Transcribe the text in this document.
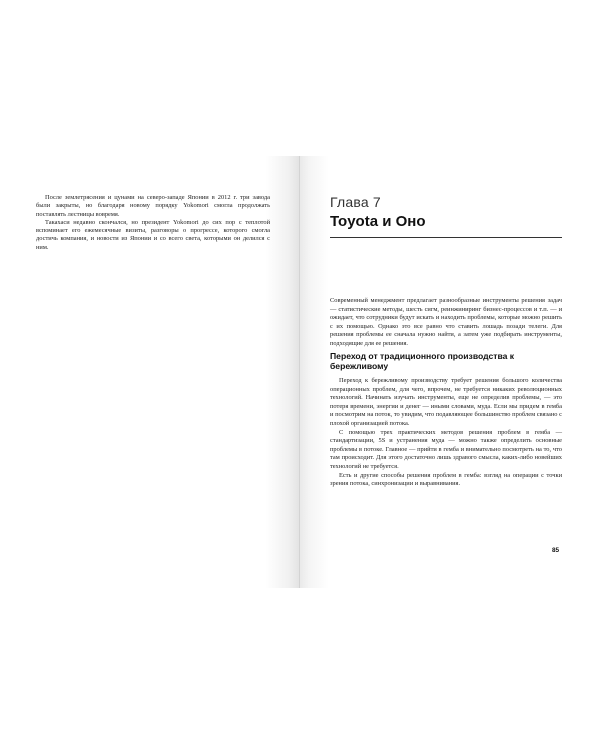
После землетрясения и цунами на северо-западе Японии в 2012 г. три завода были закрыты, но благодаря новому порядку Yokomori смогла продолжать поставлять лестницы вовремя.

Такахаси недавно скончался, но президент Yokomori до сих пор с теплотой вспоминает его ежемесячные визиты, разговоры о прогрессе, которого смогла достичь компания, и новости из Японии и со всего света, которыми он делился с ним.

Глава 7
Toyota и Оно

Современный менеджмент предлагает разнообразные инструменты решения задач — статистические методы, шесть сигм, реинжиниринг бизнес-процессов и т.п. — и ожидает, что сотрудники будут искать и находить проблемы, которые можно решить с их помощью. Однако это все равно что ставить лошадь позади телеги. Для решения проблемы ее сначала нужно найти, а затем уже подбирать инструменты, подходящие для ее решения.

Переход от традиционного производства к бережливому

Переход к бережливому производству требует решения большого количества операционных проблем, для чего, впрочем, не требуется никаких революционных технологий. Начинать изучать инструменты, еще не определив проблемы, — это потеря времени, энергии и денег — иными словами, муда. Если мы придем в гемба и посмотрим на поток, то увидим, что подавляющее большинство проблем связано с плохой организацией потока.

С помощью трех практических методов решения проблем в гемба — стандартизации, 5S и устранения муда — можно также определить основные проблемы в потоке. Главное — прийти в гемба и внимательно посмотреть на то, что там происходит. Для этого достаточно лишь здравого смысла, каких-либо новейших технологий не требуется.

Есть и другие способы решения проблем в гемба: взгляд на операции с точки зрения потока, синхронизации и выравнивания.

85
